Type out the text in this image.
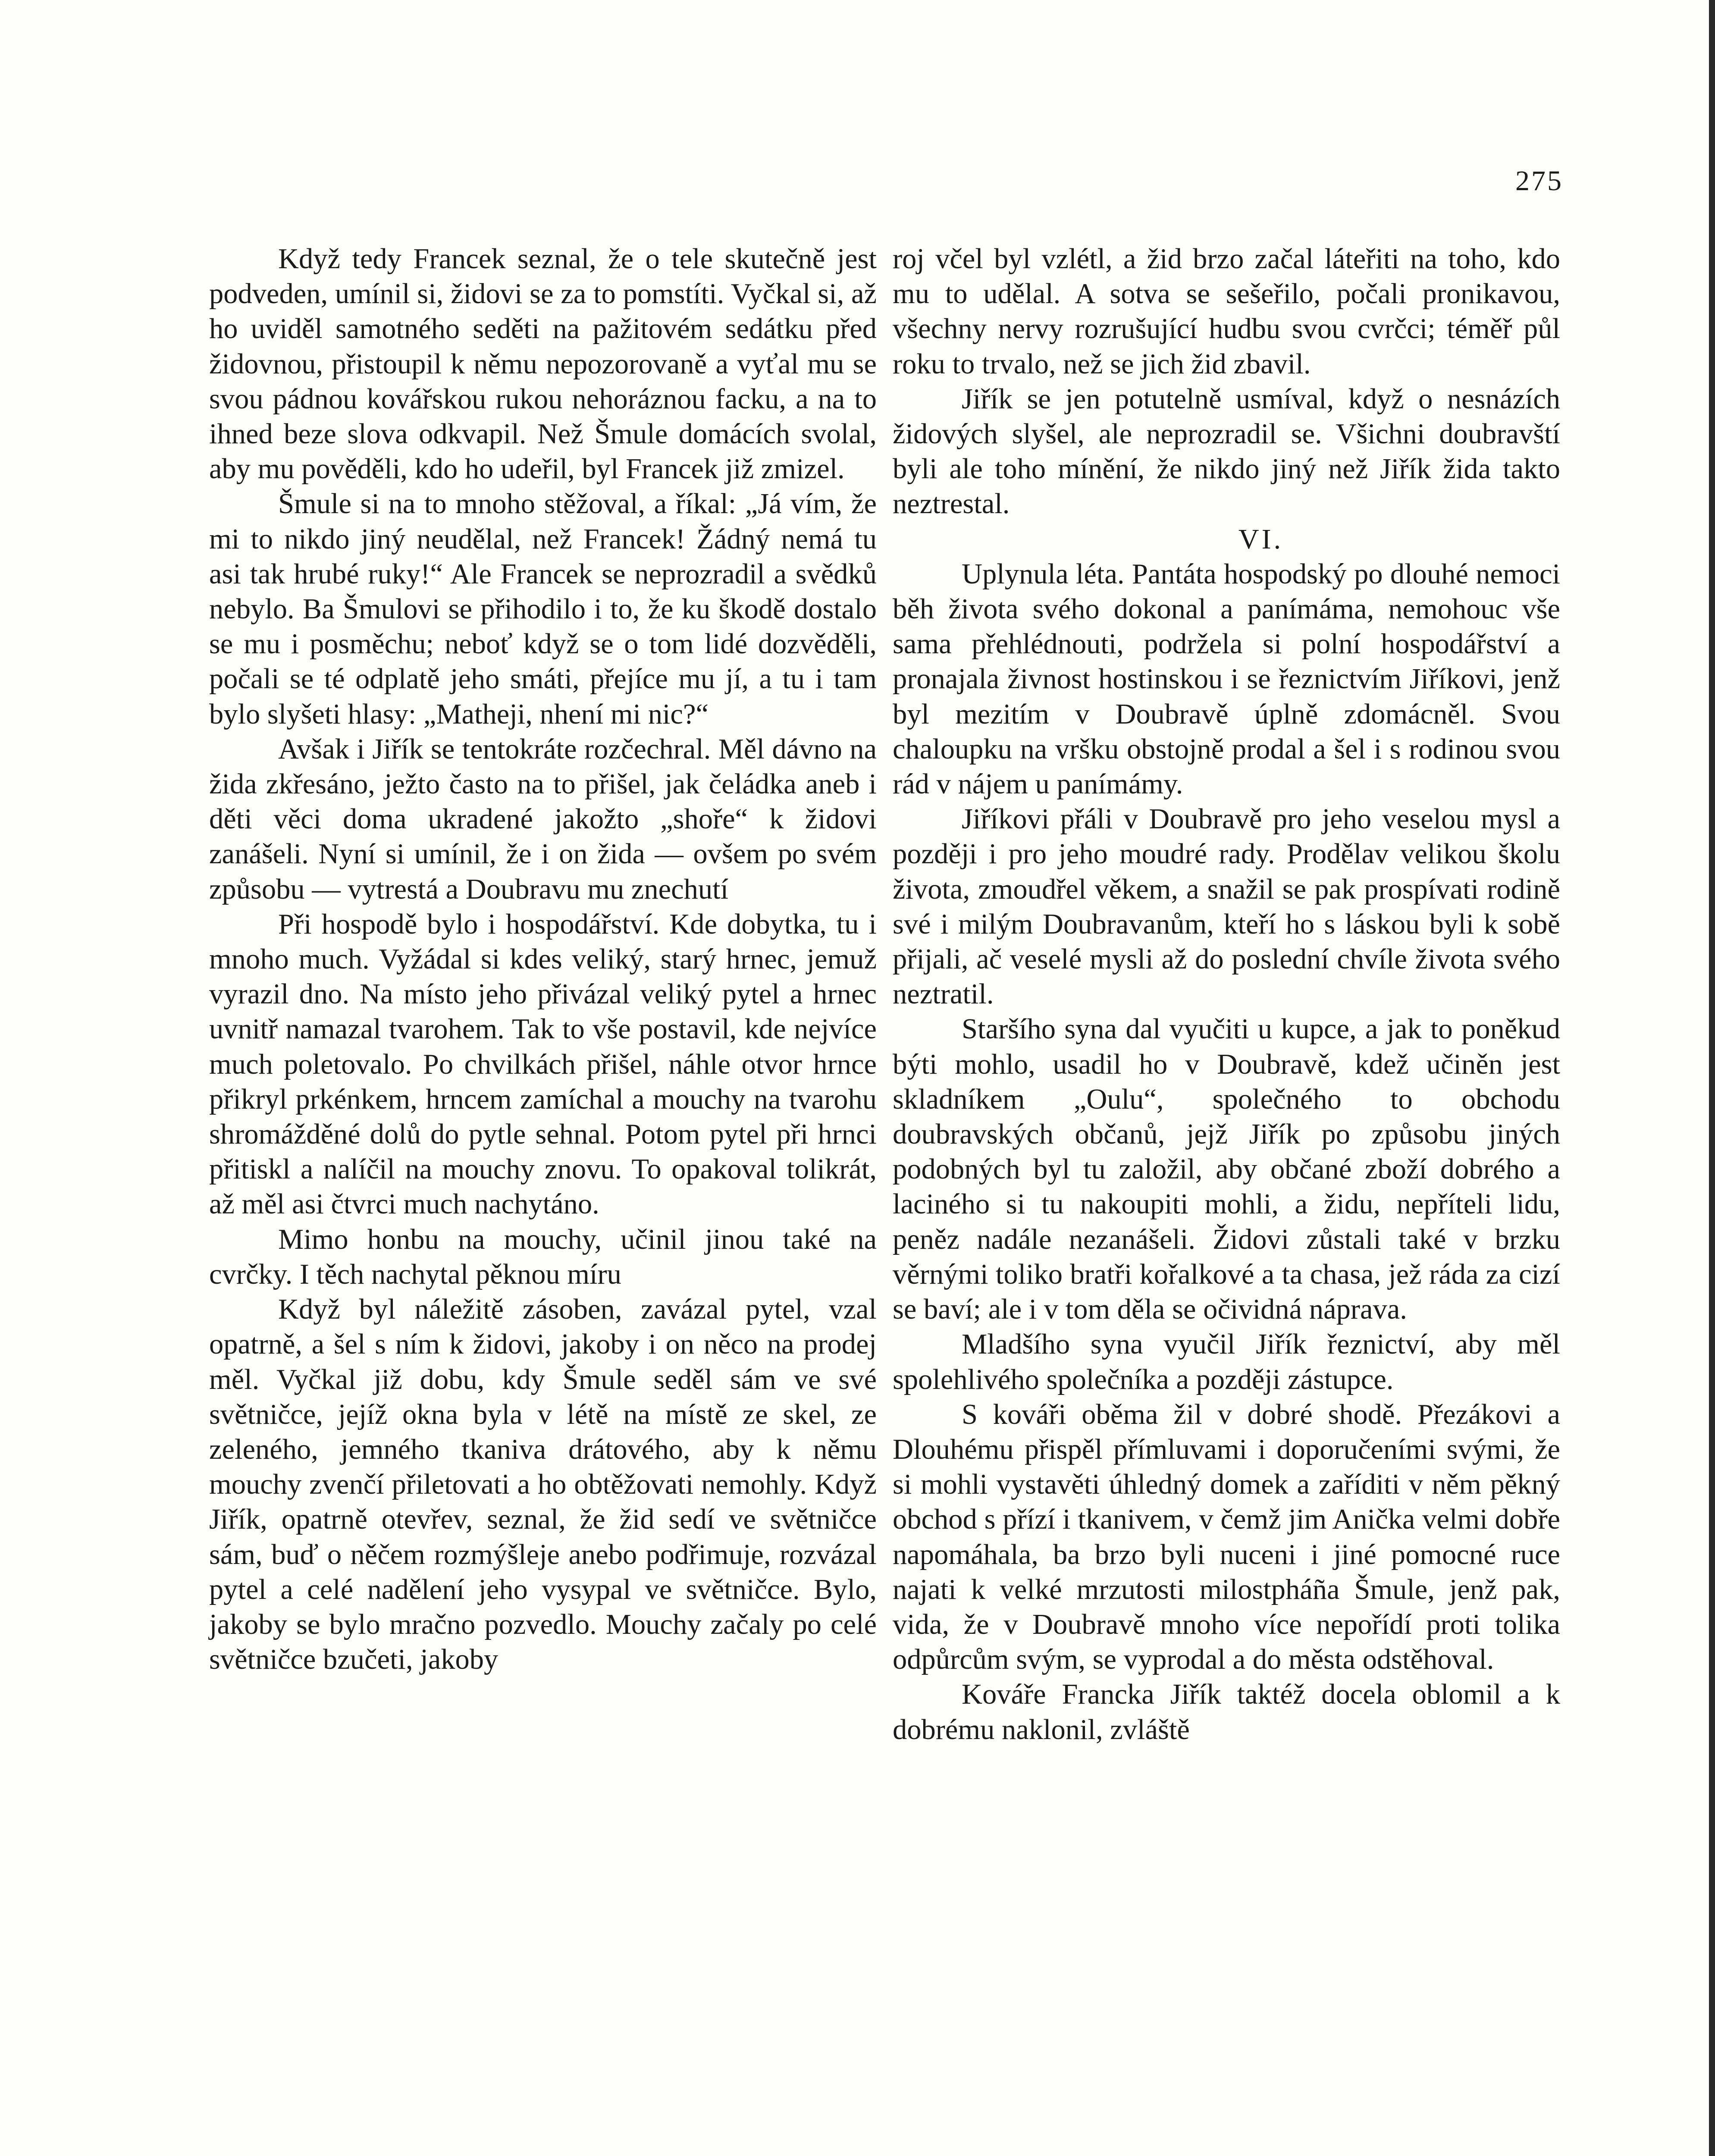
275

Když tedy Francek seznal, že o tele skutečně jest podveden, umínil si, židovi se za to pomstíti. Vyčkal si, až ho uviděl samotného seděti na pažitovém sedátku před židovnou, přistoupil k němu nepozorovaně a vyťal mu se svou pádnou kovářskou rukou nehoráznou facku, a na to ihned beze slova odkvapil. Než Šmule domácích svolal, aby mu pověděli, kdo ho udeřil, byl Francek již zmizel.

Šmule si na to mnoho stěžoval, a říkal: „Já vím, že mi to nikdo jiný neudělal, než Francek! Žádný nemá tu asi tak hrubé ruky!“ Ale Francek se neprozradil a svědků nebylo. Ba Šmulovi se přihodilo i to, že ku škodě dostalo se mu i posměchu; neboť když se o tom lidé dozvěděli, počali se té odplatě jeho smáti, přejíce mu jí, a tu i tam bylo slyšeti hlasy: „Matheji, nhení mi nic?“

Avšak i Jiřík se tentokráte rozčechral. Měl dávno na žida zkřesáno, ježto často na to přišel, jak čeládka aneb i děti věci doma ukradené jakožto „shoře“ k židovi zanášeli. Nyní si umínil, že i on žida — ovšem po svém způsobu — vytrestá a Doubravu mu znechutí

Při hospodě bylo i hospodářství. Kde dobytka, tu i mnoho much. Vyžádal si kdes veliký, starý hrnec, jemuž vyrazil dno. Na místo jeho přivázal veliký pytel a hrnec uvnitř namazal tvarohem. Tak to vše postavil, kde nejvíce much poletovalo. Po chvilkách přišel, náhle otvor hrnce přikryl prkénkem, hrncem zamíchal a mouchy na tvarohu shromážděné dolů do pytle sehnal. Potom pytel při hrnci přitiskl a nalíčil na mouchy znovu. To opakoval tolikrát, až měl asi čtvrci much nachytáno.

Mimo honbu na mouchy, učinil jinou také na cvrčky. I těch nachytal pěknou míru

Když byl náležitě zásoben, zavázal pytel, vzal opatrně, a šel s ním k židovi, jakoby i on něco na prodej měl. Vyčkal již dobu, kdy Šmule seděl sám ve své světničce, jejíž okna byla v létě na místě ze skel, ze zeleného, jemného tkaniva drátového, aby k němu mouchy zvenčí přiletovati a ho obtěžovati nemohly. Když Jiřík, opatrně otevřev, seznal, že žid sedí ve světničce sám, buď o něčem rozmýšleje anebo podřimuje, rozvázal pytel a celé nadělení jeho vysypal ve světničce. Bylo, jakoby se bylo mračno pozvedlo. Mouchy začaly po celé světničce bzučeti, jakoby

roj včel byl vzlétl, a žid brzo začal láteřiti na toho, kdo mu to udělal. A sotva se sešeřilo, počali pronikavou, všechny nervy rozrušující hudbu svou cvrčci; téměř půl roku to trvalo, než se jich žid zbavil.

Jiřík se jen potutelně usmíval, když o nesnázích židových slyšel, ale neprozradil se. Všichni doubravští byli ale toho mínění, že nikdo jiný než Jiřík žida takto neztrestal.

VI.

Uplynula léta. Pantáta hospodský po dlouhé nemoci běh života svého dokonal a panímáma, nemohouc vše sama přehlédnouti, podržela si polní hospodářství a pronajala živnost hostinskou i se řeznictvím Jiříkovi, jenž byl mezitím v Doubravě úplně zdomácněl. Svou chaloupku na vršku obstojně prodal a šel i s rodinou svou rád v nájem u panímámy.

Jiříkovi přáli v Doubravě pro jeho veselou mysl a později i pro jeho moudré rady. Prodělav velikou školu života, zmoudřel věkem, a snažil se pak prospívati rodině své i milým Doubravanům, kteří ho s láskou byli k sobě přijali, ač veselé mysli až do poslední chvíle života svého neztratil.

Staršího syna dal vyučiti u kupce, a jak to poněkud býti mohlo, usadil ho v Doubravě, kdež učiněn jest skladníkem „Oulu“, společného to obchodu doubravských občanů, jejž Jiřík po způsobu jiných podobných byl tu založil, aby občané zboží dobrého a laciného si tu nakoupiti mohli, a židu, nepříteli lidu, peněz nadále nezanášeli. Židovi zůstali také v brzku věrnými toliko bratři kořalkové a ta chasa, jež ráda za cizí se baví; ale i v tom děla se očividná náprava.

Mladšího syna vyučil Jiřík řeznictví, aby měl spolehlivého společníka a později zástupce.

S kováři oběma žil v dobré shodě. Přezákovi a Dlouhému přispěl přímluvami i doporučeními svými, že si mohli vystavěti úhledný domek a zaříditi v něm pěkný obchod s přízí i tkanivem, v čemž jim Anička velmi dobře napomáhala, ba brzo byli nuceni i jiné pomocné ruce najati k velké mrzutosti milostpháña Šmule, jenž pak, vida, že v Doubravě mnoho více nepořídí proti tolika odpůrcům svým, se vyprodal a do města odstěhoval.

Kováře Francka Jiřík taktéž docela oblomil a k dobrému naklonil, zvláště
